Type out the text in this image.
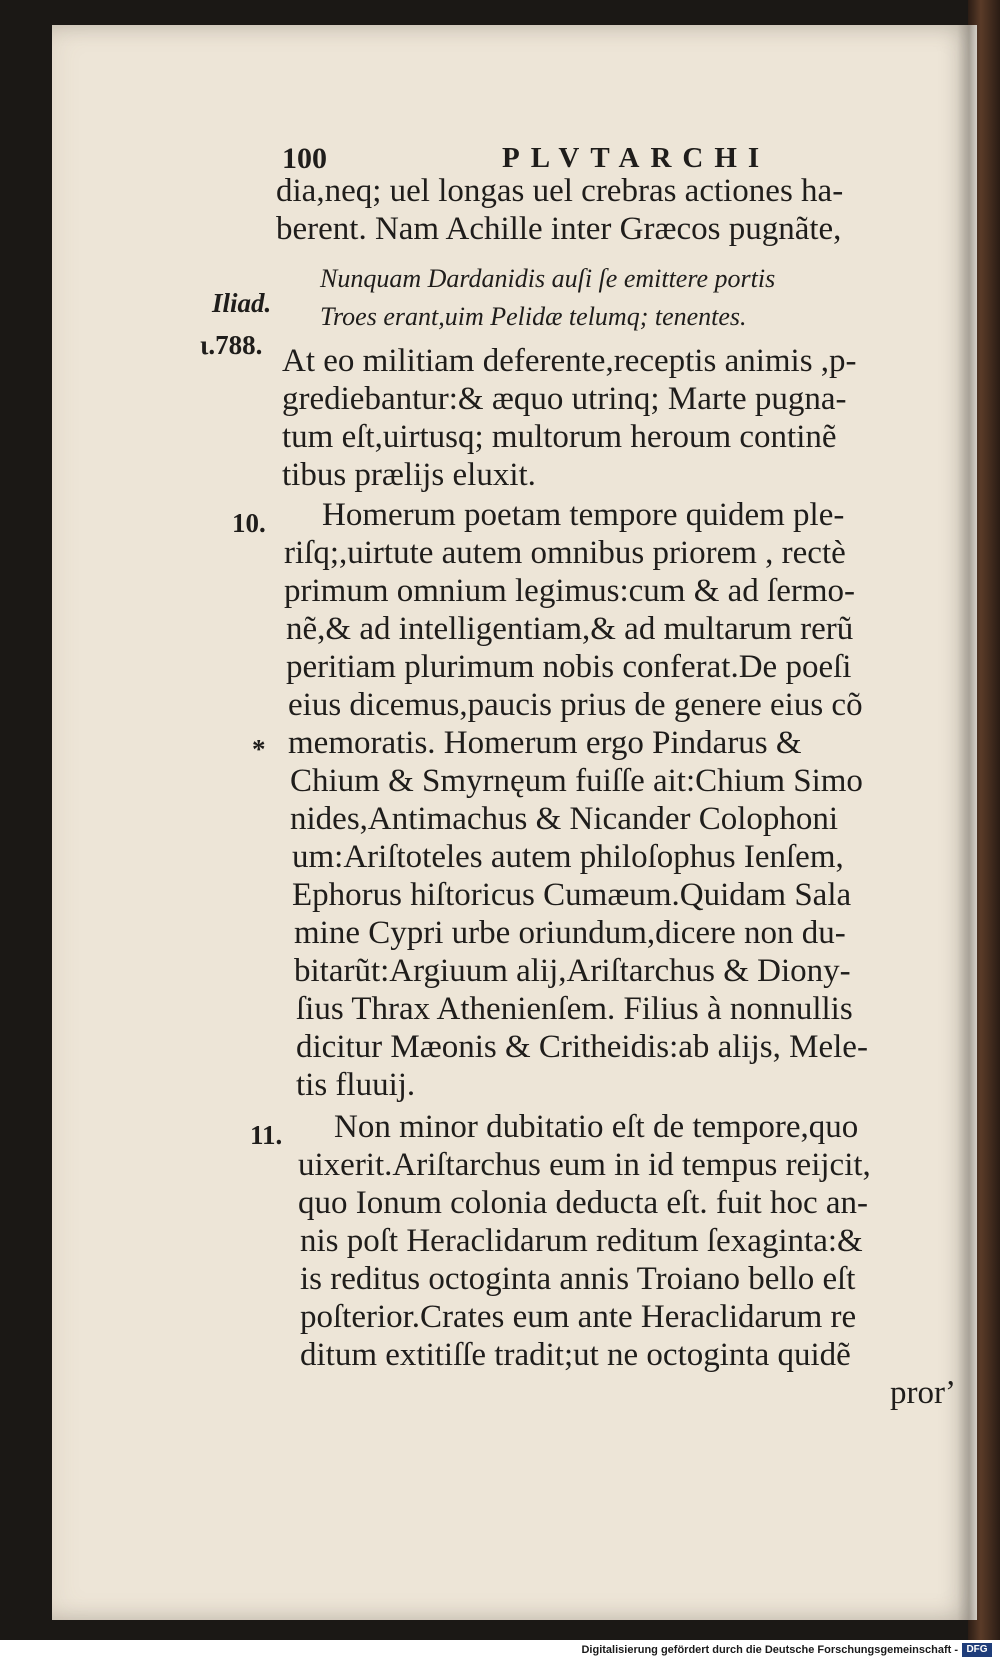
100	PLVTARCHI
dia,neq; uel longas uel crebras actiones ha-
berent. Nam Achille inter Græcos pugnãte,
Nunquam Dardanidis auſi ſe emittere portis
Troes erant,uim Pelidæ telumq; tenentes.
Iliad.
ι.788. At eo militiam deferente,receptis animis ,p-
grediebantur:& æquo utrinq; Marte pugna-
tum eſt,uirtusq; multorum heroum continẽ
tibus prælijs eluxit.
10. Homerum poetam tempore quidem ple-
riſq;,uirtute autem omnibus priorem , rectè
primum omnium legimus:cum & ad ſermo-
nẽ,& ad intelligentiam,& ad multarum rerũ
peritiam plurimum nobis conferat.De poeſi
eius dicemus,paucis prius de genere eius cõ
* memoratis. Homerum ergo Pindarus &
Chium & Smyrnęum fuiſſe ait:Chium Simo
nides,Antimachus & Nicander Colophoni
um:Ariſtoteles autem philoſophus Ienſem,
Ephorus hiſtoricus Cumæum.Quidam Sala
mine Cypri urbe oriundum,dicere non du-
bitarũt:Argiuum alij,Ariſtarchus & Diony-
ſius Thrax Athenienſem. Filius à nonnullis
dicitur Mæonis & Critheidis:ab alijs, Mele-
tis fluuij.
11. Non minor dubitatio eſt de tempore,quo
uixerit.Ariſtarchus eum in id tempus reijcit,
quo Ionum colonia deducta eſt. fuit hoc an-
nis poſt Heraclidarum reditum ſexaginta:&
is reditus octoginta annis Troiano bello eſt
poſterior.Crates eum ante Heraclidarum re
ditum extitiſſe tradit;ut ne octoginta quidẽ
prorʼ
Digitalisierung gefördert durch die Deutsche Forschungsgemeinschaft - DFG
